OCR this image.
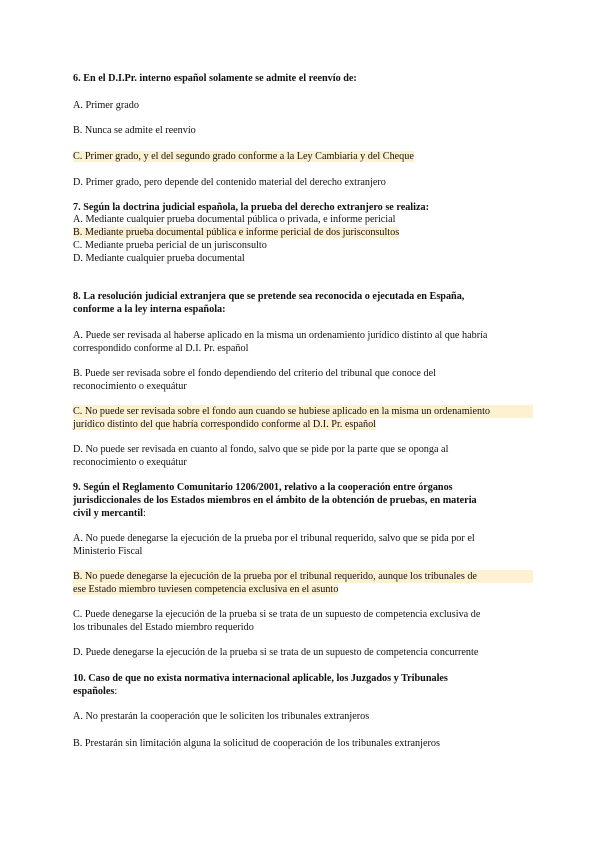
6. En el D.I.Pr. interno español solamente se admite el reenvío de:
A. Primer grado
B. Nunca se admite el reenvío
C. Primer grado, y el del segundo grado conforme a la Ley Cambiaria y del Cheque
D. Primer grado, pero depende del contenido material del derecho extranjero
7. Según la doctrina judicial española, la prueba del derecho extranjero se realiza:
A. Mediante cualquier prueba documental pública o privada, e informe pericial
B. Mediante prueba documental pública e informe pericial de dos jurisconsultos
C. Mediante prueba pericial de un jurisconsulto
D. Mediante cualquier prueba documental
8. La resolución judicial extranjera que se pretende sea reconocida o ejecutada en España,
conforme a la ley interna española:
A. Puede ser revisada al haberse aplicado en la misma un ordenamiento jurídico distinto al que habría
correspondido conforme al D.I. Pr. español
B. Puede ser revisada sobre el fondo dependiendo del criterio del tribunal que conoce del
reconocimiento o exequátur
C. No puede ser revisada sobre el fondo aun cuando se hubiese aplicado en la misma un ordenamiento
jurídico distinto del que habría correspondido conforme al D.I. Pr. español
D. No puede ser revisada en cuanto al fondo, salvo que se pide por la parte que se oponga al
reconocimiento o exequátur
9. Según el Reglamento Comunitario 1206/2001, relativo a la cooperación entre órganos
jurisdiccionales de los Estados miembros en el ámbito de la obtención de pruebas, en materia
civil y mercantil:
A. No puede denegarse la ejecución de la prueba por el tribunal requerido, salvo que se pida por el
Ministerio Fiscal
B. No puede denegarse la ejecución de la prueba por el tribunal requerido, aunque los tribunales de
ese Estado miembro tuviesen competencia exclusiva en el asunto
C. Puede denegarse la ejecución de la prueba si se trata de un supuesto de competencia exclusiva de
los tribunales del Estado miembro requerido
D. Puede denegarse la ejecución de la prueba si se trata de un supuesto de competencia concurrente
10. Caso de que no exista normativa internacional aplicable, los Juzgados y Tribunales
españoles:
A. No prestarán la cooperación que le soliciten los tribunales extranjeros
B. Prestarán sin limitación alguna la solicitud de cooperación de los tribunales extranjeros
